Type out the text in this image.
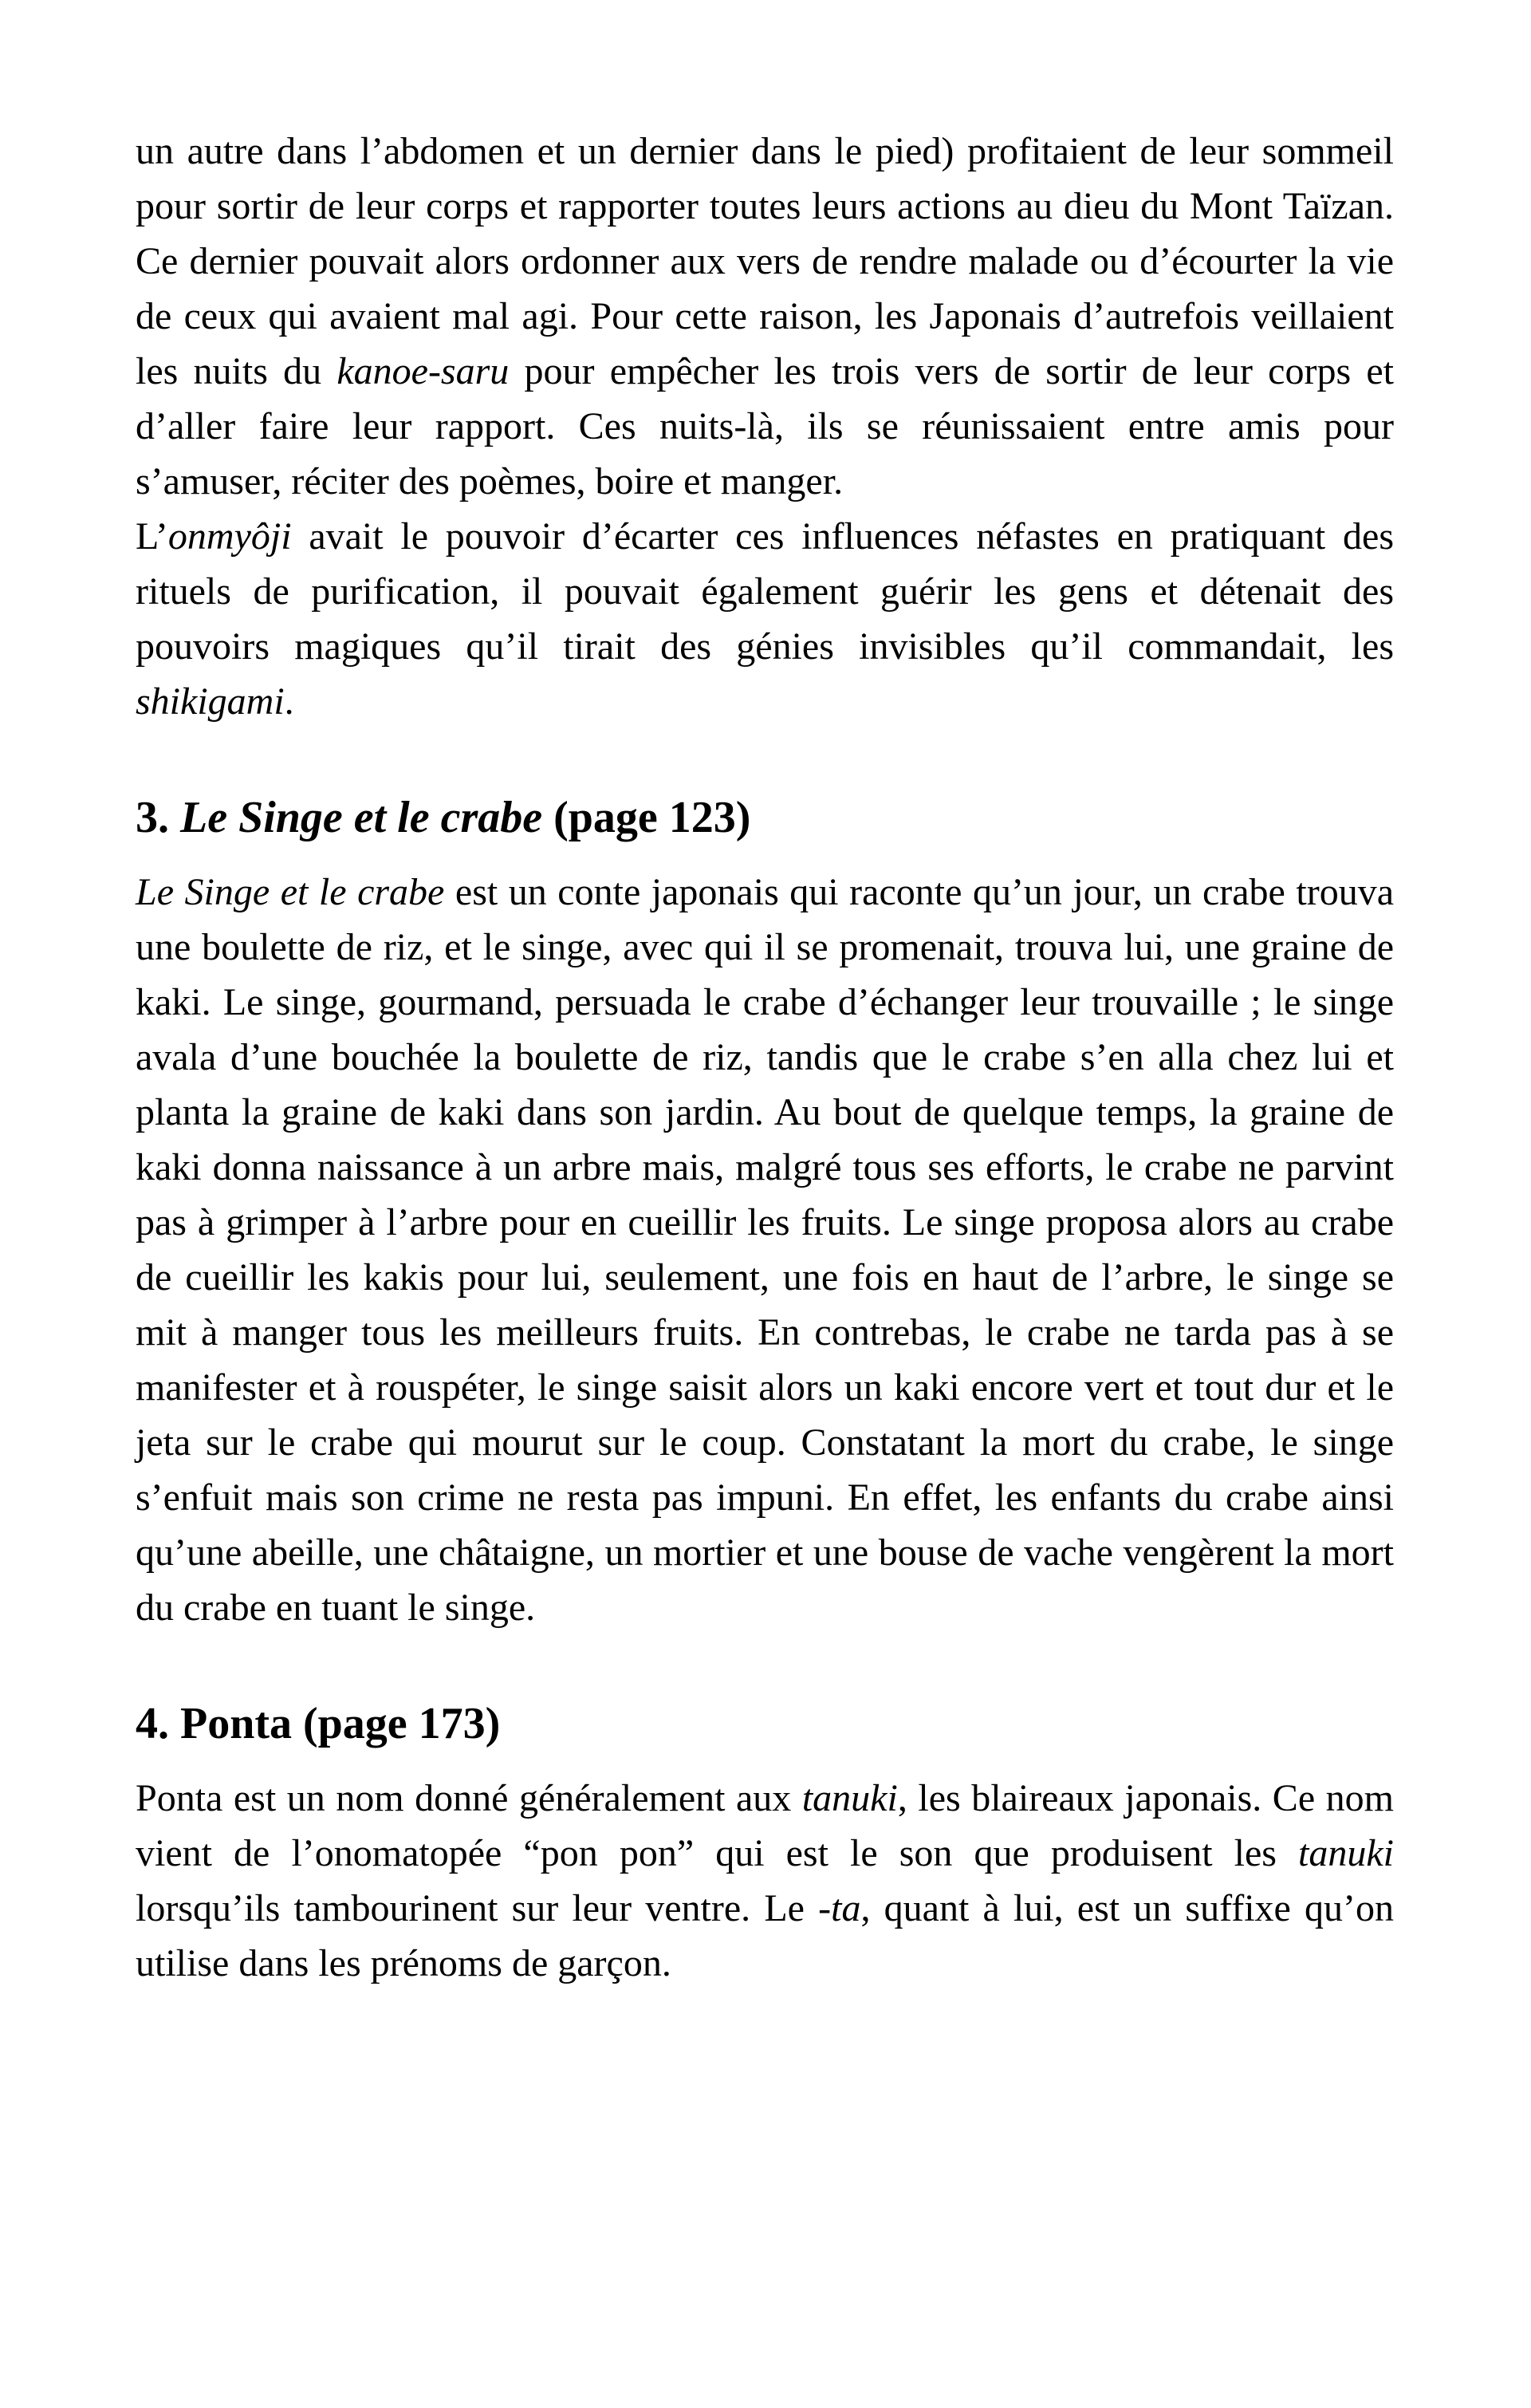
un autre dans l’abdomen et un dernier dans le pied) profitaient de leur sommeil pour sortir de leur corps et rapporter toutes leurs actions au dieu du Mont Taïzan. Ce dernier pouvait alors ordonner aux vers de rendre malade ou d’écourter la vie de ceux qui avaient mal agi. Pour cette raison, les Japonais d’autrefois veillaient les nuits du kanoe-saru pour empêcher les trois vers de sortir de leur corps et d’aller faire leur rapport. Ces nuits-là, ils se réunissaient entre amis pour s’amuser, réciter des poèmes, boire et manger.

L’onmyôji avait le pouvoir d’écarter ces influences néfastes en pratiquant des rituels de purification, il pouvait également guérir les gens et détenait des pouvoirs magiques qu’il tirait des génies invisibles qu’il commandait, les shikigami.

3. Le Singe et le crabe (page 123)

Le Singe et le crabe est un conte japonais qui raconte qu’un jour, un crabe trouva une boulette de riz, et le singe, avec qui il se promenait, trouva lui, une graine de kaki. Le singe, gourmand, persuada le crabe d’échanger leur trouvaille ; le singe avala d’une bouchée la boulette de riz, tandis que le crabe s’en alla chez lui et planta la graine de kaki dans son jardin. Au bout de quelque temps, la graine de kaki donna naissance à un arbre mais, malgré tous ses efforts, le crabe ne parvint pas à grimper à l’arbre pour en cueillir les fruits. Le singe proposa alors au crabe de cueillir les kakis pour lui, seulement, une fois en haut de l’arbre, le singe se mit à manger tous les meilleurs fruits. En contrebas, le crabe ne tarda pas à se manifester et à rouspéter, le singe saisit alors un kaki encore vert et tout dur et le jeta sur le crabe qui mourut sur le coup. Constatant la mort du crabe, le singe s’enfuit mais son crime ne resta pas impuni. En effet, les enfants du crabe ainsi qu’une abeille, une châtaigne, un mortier et une bouse de vache vengèrent la mort du crabe en tuant le singe.

4. Ponta (page 173)

Ponta est un nom donné généralement aux tanuki, les blaireaux japonais. Ce nom vient de l’onomatopée “pon pon” qui est le son que produisent les tanuki lorsqu’ils tambourinent sur leur ventre. Le -ta, quant à lui, est un suffixe qu’on utilise dans les prénoms de garçon.
